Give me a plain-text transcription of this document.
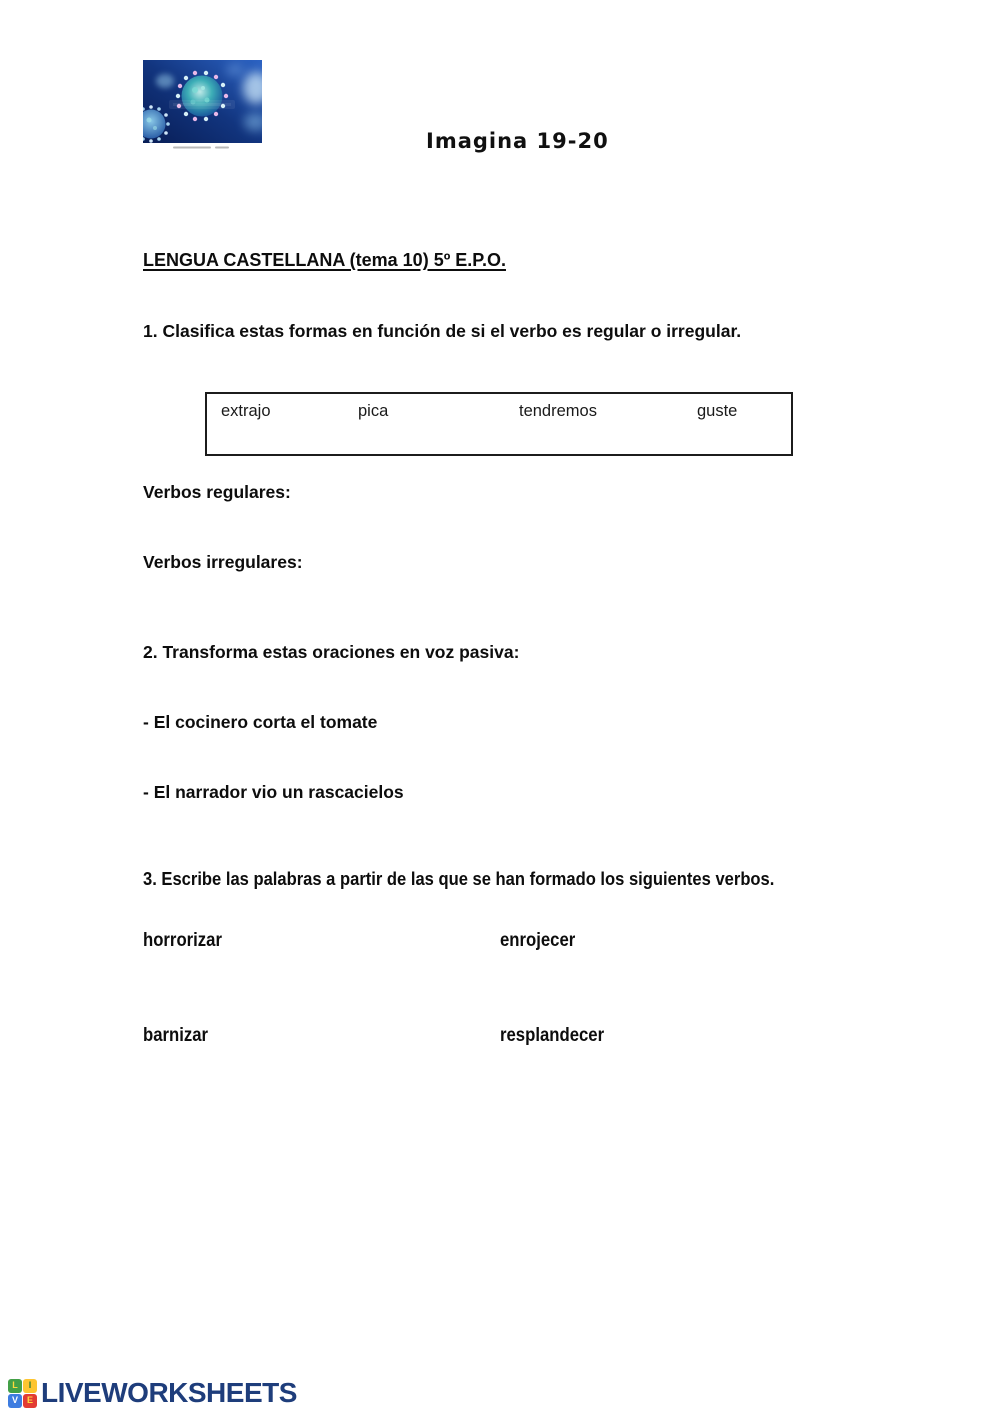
Imagina 19-20
LENGUA CASTELLANA (tema 10) 5º E.P.O.
1. Clasifica estas formas en función de si el verbo es regular o irregular.
extrajo	pica	tendremos	guste
Verbos regulares:
Verbos irregulares:
2. Transforma estas oraciones en voz pasiva:
- El cocinero corta el tomate
- El narrador vio un rascacielos
3. Escribe las palabras a partir de las que se han formado los siguientes verbos.
horrorizar	enrojecer
barnizar	resplandecer
L	I
V E LIVEWORKSHEETS
